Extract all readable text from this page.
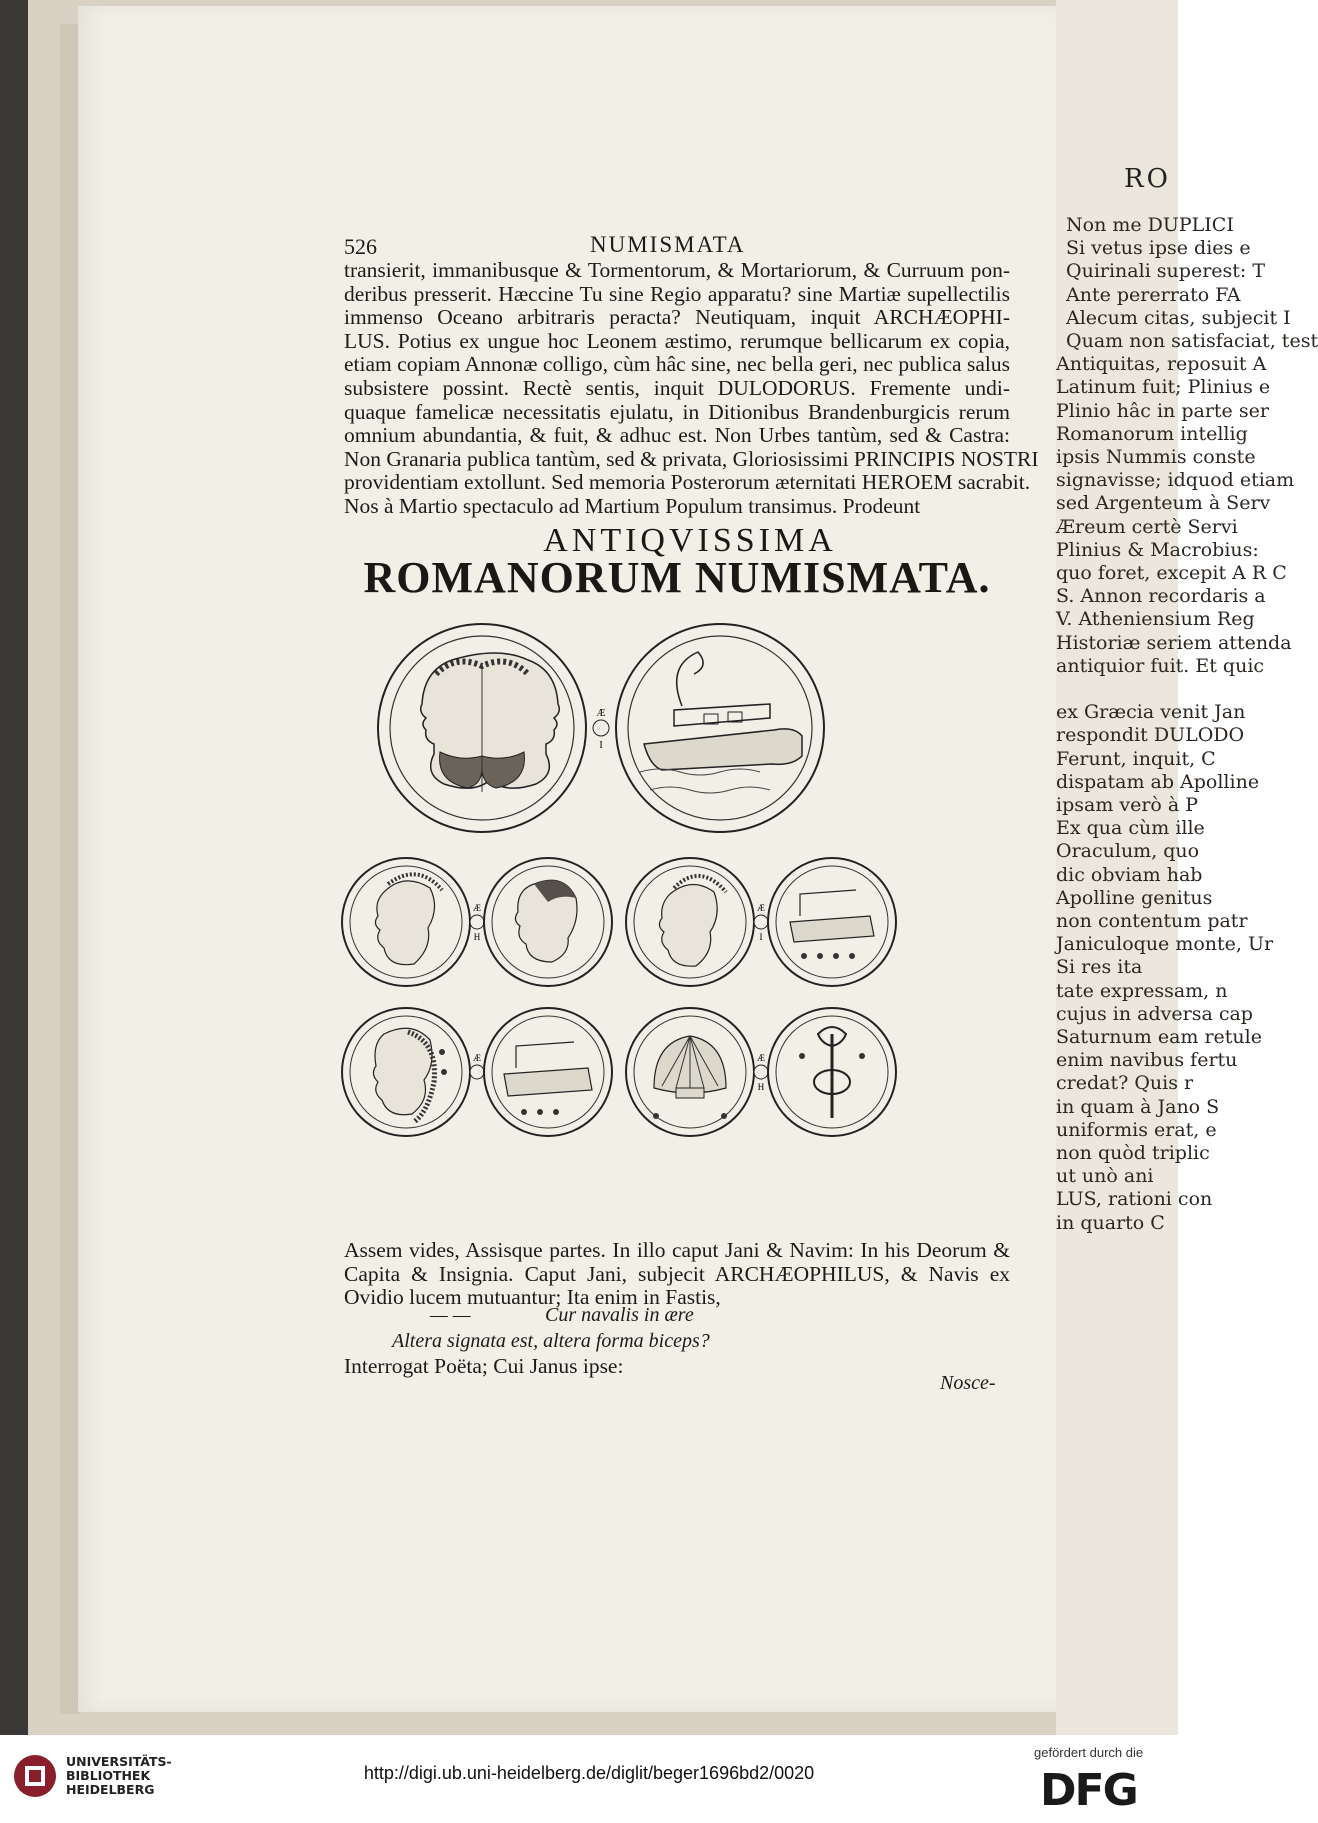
Non me DUPLICI
Si vetus ipse dies e
Quirinali superest: T
Ante pererrato FA
Alecum citas, subjecit I
Quam non satisfaciat, test
Antiquitas, reposuit A
Latinum fuit; Plinius e
Plinio hâc in parte ser
Romanorum intellig
ipsis Nummis conste
signavisse; idquod etiam
sed Argenteum à Serv
Æreum certè Servi
Plinius & Macrobius:
quo foret, excepit A R C
S. Annon recordaris a
V. Atheniensium Reg
Historiæ seriem attenda
antiquior fuit. Et quic
ex Græcia venit Jan
respondit DULODO
Ferunt, inquit, C
dispatam ab Apolline
ipsam verò à P
Ex qua cùm ille
Oraculum, quo
dic obviam hab
Apolline genitus
non contentum patr
Janiculoque monte, Ur
Si res ita
tate expressam, n
cujus in adversa cap
Saturnum eam retule
enim navibus fertu
credat? Quis r
in quam à Jano S
uniformis erat, e
non quòd triplic
ut unò ani
LUS, rationi con
in quarto C
RO
526	NUMISMATA
transierit, immanibusque & Tormentorum, & Mortariorum, & Curruum pon-
deribus presserit. Hæccine Tu sine Regio apparatu? sine Martiæ supellectilis
immenso Oceano arbitraris peracta? Neutiquam, inquit ARCHÆOPHI-
LUS. Potius ex ungue hoc Leonem æstimo, rerumque bellicarum ex copia,
etiam copiam Annonæ colligo, cùm hâc sine, nec bella geri, nec publica salus
subsistere possint. Rectè sentis, inquit DULODORUS. Fremente undi-
quaque famelicæ necessitatis ejulatu, in Ditionibus Brandenburgicis rerum
omnium abundantia, & fuit, & adhuc est. Non Urbes tantùm, sed & Castra:
Non Granaria publica tantùm, sed & privata, Gloriosissimi PRINCIPIS NOSTRI
providentiam extollunt. Sed memoria Posterorum æternitati HEROEM sacrabit.
Nos à Martio spectaculo ad Martium Populum transimus. Prodeunt
ANTIQVISSIMA
ROMANORUM NUMISMATA.
Æ
I
Æ
H
Æ
I
Æ	Æ
H
Assem vides, Assisque partes. In illo caput Jani & Navim: In his Deorum &
Capita & Insignia. Caput Jani, subjecit ARCHÆOPHILUS, & Navis ex
Ovidio lucem mutuantur; Ita enim in Fastis,
— —	Cur navalis in ære
Altera signata est, altera forma biceps?
Interrogat Poëta; Cui Janus ipse:
Nosce-
UNIVERSITÄTS-
BIBLIOTHEK
HEIDELBERG
http://digi.ub.uni-heidelberg.de/diglit/beger1696bd2/0020
gefördert durch die
DFG
